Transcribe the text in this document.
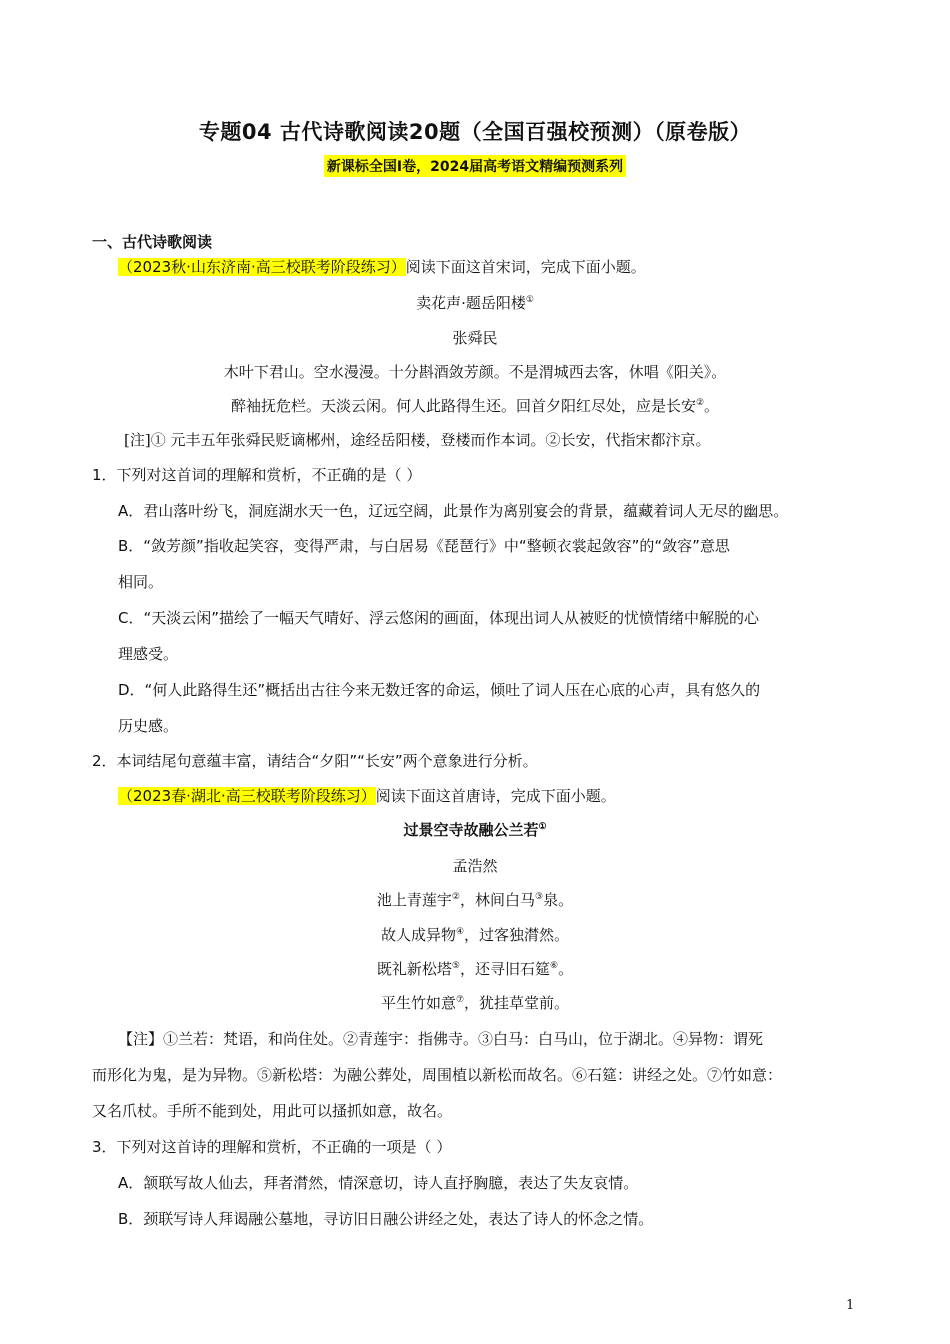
专题04 古代诗歌阅读20题（全国百强校预测）（原卷版）
新课标全国Ⅰ卷，2024届高考语文精编预测系列
一、古代诗歌阅读
（2023秋·山东济南·高三校联考阶段练习）阅读下面这首宋词，完成下面小题。
卖花声·题岳阳楼①
张舜民
木叶下君山。空水漫漫。十分斟酒敛芳颜。不是渭城西去客，休唱《阳关》。
醉袖抚危栏。天淡云闲。何人此路得生还。回首夕阳红尽处，应是长安②。
[注]① 元丰五年张舜民贬谪郴州，途经岳阳楼，登楼而作本词。②长安，代指宋都汴京。
1．下列对这首词的理解和赏析，不正确的是（ ）
A．君山落叶纷飞，洞庭湖水天一色，辽远空阔，此景作为离别宴会的背景，蕴藏着词人无尽的幽思。
B．“敛芳颜”指收起笑容，变得严肃，与白居易《琵琶行》中“整顿衣裳起敛容”的“敛容”意思
相同。
C．“天淡云闲”描绘了一幅天气晴好、浮云悠闲的画面，体现出词人从被贬的忧愤情绪中解脱的心
理感受。
D．“何人此路得生还”概括出古往今来无数迁客的命运，倾吐了词人压在心底的心声，具有悠久的
历史感。
2．本词结尾句意蕴丰富，请结合“夕阳”“长安”两个意象进行分析。
（2023春·湖北·高三校联考阶段练习）阅读下面这首唐诗，完成下面小题。
过景空寺故融公兰若①
孟浩然
池上青莲宇②，林间白马③泉。
故人成异物④，过客独潸然。
既礼新松塔⑤，还寻旧石筵⑥。
平生竹如意⑦，犹挂草堂前。
【注】①兰若：梵语，和尚住处。②青莲宇：指佛寺。③白马：白马山，位于湖北。④异物：谓死
而形化为鬼，是为异物。⑤新松塔：为融公葬处，周围植以新松而故名。⑥石筵：讲经之处。⑦竹如意：
又名爪杖。手所不能到处，用此可以搔抓如意，故名。
3．下列对这首诗的理解和赏析，不正确的一项是（ ）
A．颔联写故人仙去，拜者潸然，情深意切，诗人直抒胸臆，表达了失友哀情。
B．颈联写诗人拜谒融公墓地，寻访旧日融公讲经之处，表达了诗人的怀念之情。
1
